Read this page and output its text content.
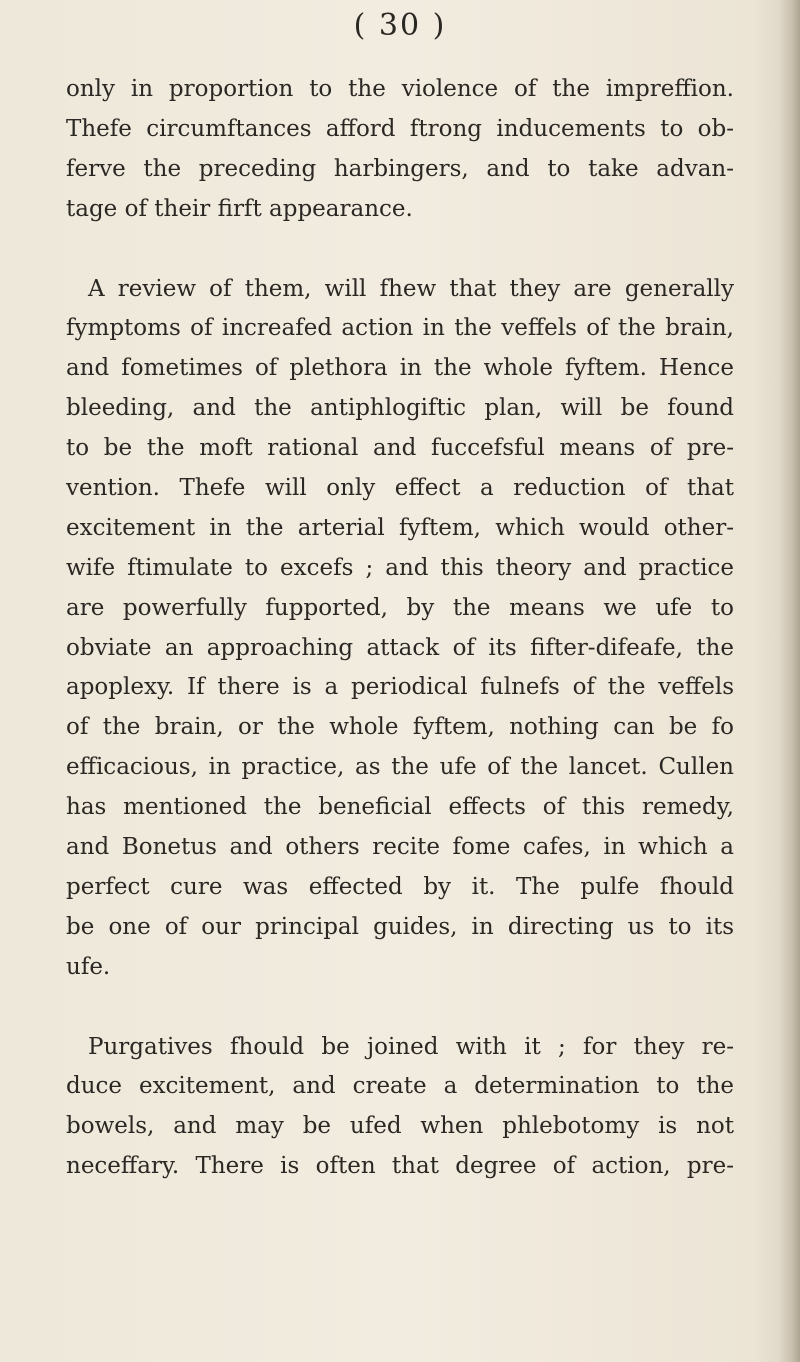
( 30 )
only in proportion to the violence of the impreffion.
Thefe circumftances afford ftrong inducements to ob-
ferve the preceding harbingers, and to take advan-
tage of their firft appearance.
A review of them, will fhew that they are generally
fymptoms of increafed action in the veffels of the brain,
and fometimes of plethora in the whole fyftem. Hence
bleeding, and the antiphlogiftic plan, will be found
to be the moft rational and fuccefsful means of pre-
vention. Thefe will only effect a reduction of that
excitement in the arterial fyftem, which would other-
wife ftimulate to excefs ; and this theory and practice
are powerfully fupported, by the means we ufe to
obviate an approaching attack of its fifter-difeafe, the
apoplexy. If there is a periodical fulnefs of the veffels
of the brain, or the whole fyftem, nothing can be fo
efficacious, in practice, as the ufe of the lancet. Cullen
has mentioned the beneficial effects of this remedy,
and Bonetus and others recite fome cafes, in which a
perfect cure was effected by it. The pulfe fhould
be one of our principal guides, in directing us to its
ufe.
Purgatives fhould be joined with it ; for they re-
duce excitement, and create a determination to the
bowels, and may be ufed when phlebotomy is not
neceffary. There is often that degree of action, pre-
